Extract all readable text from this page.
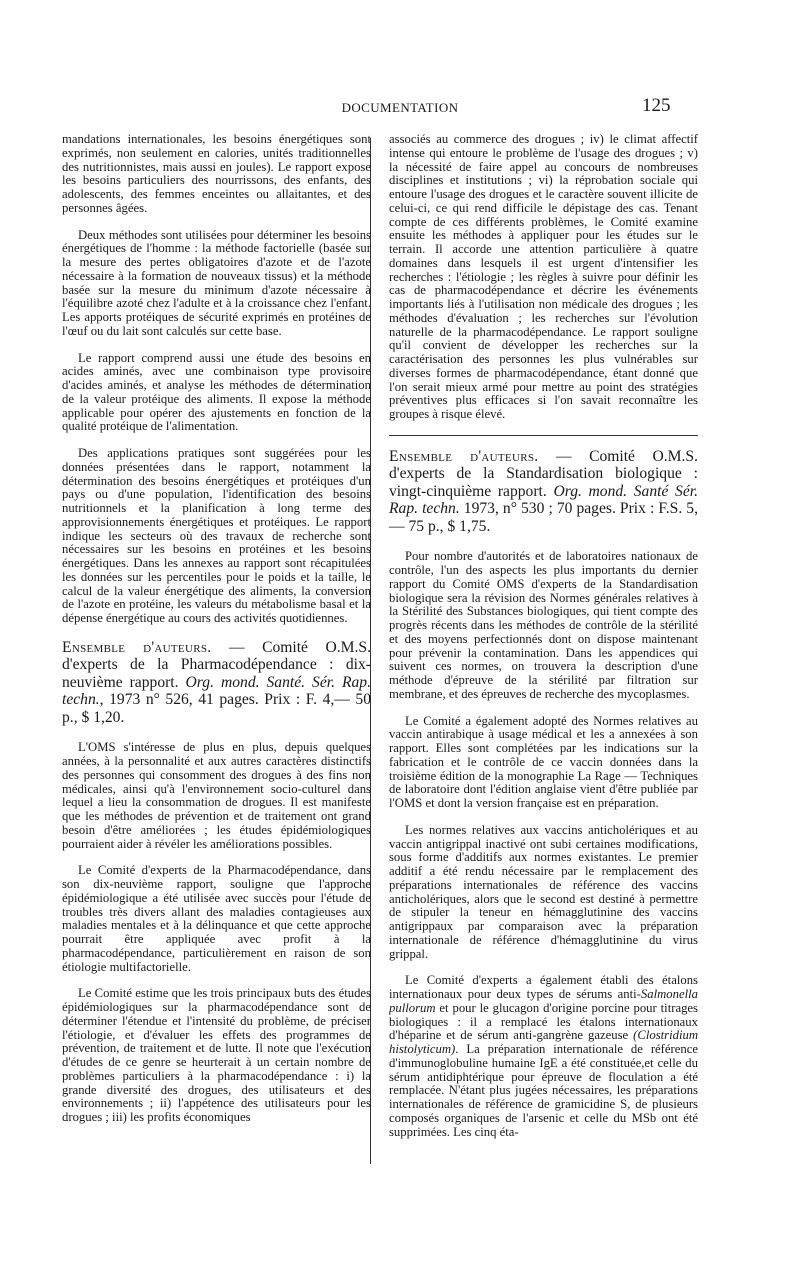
DOCUMENTATION	125

mandations internationales, les besoins énergétiques sont exprimés, non seulement en calories, unités traditionnelles des nutritionnistes, mais aussi en joules). Le rapport expose les besoins particuliers des nourrissons, des enfants, des adolescents, des femmes enceintes ou allaitantes, et des personnes âgées.

Deux méthodes sont utilisées pour déterminer les besoins énergétiques de l'homme : la méthode factorielle (basée sur la mesure des pertes obligatoires d'azote et de l'azote nécessaire à la formation de nouveaux tissus) et la méthode basée sur la mesure du minimum d'azote nécessaire à l'équilibre azoté chez l'adulte et à la croissance chez l'enfant. Les apports protéiques de sécurité exprimés en protéines de l'œuf ou du lait sont calculés sur cette base.

Le rapport comprend aussi une étude des besoins en acides aminés, avec une combinaison type provisoire d'acides aminés, et analyse les méthodes de détermination de la valeur protéique des aliments. Il expose la méthode applicable pour opérer des ajustements en fonction de la qualité protéique de l'alimentation.

Des applications pratiques sont suggérées pour les données présentées dans le rapport, notamment la détermination des besoins énergétiques et protéiques d'un pays ou d'une population, l'identification des besoins nutritionnels et la planification à long terme des approvisionnements énergétiques et protéiques. Le rapport indique les secteurs où des travaux de recherche sont nécessaires sur les besoins en protéines et les besoins énergétiques. Dans les annexes au rapport sont récapitulées les données sur les percentiles pour le poids et la taille, le calcul de la valeur énergétique des aliments, la conversion de l'azote en protéine, les valeurs du métabolisme basal et la dépense énergétique au cours des activités quotidiennes.

Ensemble d'auteurs. — Comité O.M.S. d'experts de la Pharmacodépendance : dix-neuvième rapport. Org. mond. Santé. Sér. Rap. techn., 1973 n° 526, 41 pages. Prix : F. 4,— 50 p., $ 1,20.

L'OMS s'intéresse de plus en plus, depuis quelques années, à la personnalité et aux autres caractères distinctifs des personnes qui consomment des drogues à des fins non médicales, ainsi qu'à l'environnement socio-culturel dans lequel a lieu la consommation de drogues. Il est manifeste que les méthodes de prévention et de traitement ont grand besoin d'être améliorées ; les études épidémiologiques pourraient aider à révéler les améliorations possibles.

Le Comité d'experts de la Pharmacodépendance, dans son dix-neuvième rapport, souligne que l'approche épidémiologique a été utilisée avec succès pour l'étude de troubles très divers allant des maladies contagieuses aux maladies mentales et à la délinquance et que cette approche pourrait être appliquée avec profit à la pharmacodépendance, particulièrement en raison de son étiologie multifactorielle.

Le Comité estime que les trois principaux buts des études épidémiologiques sur la pharmacodépendance sont de déterminer l'étendue et l'intensité du problème, de préciser l'étiologie, et d'évaluer les effets des programmes de prévention, de traitement et de lutte. Il note que l'exécution d'études de ce genre se heurterait à un certain nombre de problèmes particuliers à la pharmacodépendance : i) la grande diversité des drogues, des utilisateurs et des environnements ; ii) l'appétence des utilisateurs pour les drogues ; iii) les profits économiques

associés au commerce des drogues ; iv) le climat affectif intense qui entoure le problème de l'usage des drogues ; v) la nécessité de faire appel au concours de nombreuses disciplines et institutions ; vi) la réprobation sociale qui entoure l'usage des drogues et le caractère souvent illicite de celui-ci, ce qui rend difficile le dépistage des cas. Tenant compte de ces différents problèmes, le Comité examine ensuite les méthodes à appliquer pour les études sur le terrain. Il accorde une attention particulière à quatre domaines dans lesquels il est urgent d'intensifier les recherches : l'étiologie ; les règles à suivre pour définir les cas de pharmacodépendance et décrire les événements importants liés à l'utilisation non médicale des drogues ; les méthodes d'évaluation ; les recherches sur l'évolution naturelle de la pharmacodépendance. Le rapport souligne qu'il convient de développer les recherches sur la caractérisation des personnes les plus vulnérables sur diverses formes de pharmacodépendance, étant donné que l'on serait mieux armé pour mettre au point des stratégies préventives plus efficaces si l'on savait reconnaître les groupes à risque élevé.

Ensemble d'auteurs. — Comité O.M.S. d'experts de la Standardisation biologique : vingt-cinquième rapport. Org. mond. Santé Sér. Rap. techn. 1973, n° 530 ; 70 pages. Prix : F.S. 5,— 75 p., $ 1,75.

Pour nombre d'autorités et de laboratoires nationaux de contrôle, l'un des aspects les plus importants du dernier rapport du Comité OMS d'experts de la Standardisation biologique sera la révision des Normes générales relatives à la Stérilité des Substances biologiques, qui tient compte des progrès récents dans les méthodes de contrôle de la stérilité et des moyens perfectionnés dont on dispose maintenant pour prévenir la contamination. Dans les appendices qui suivent ces normes, on trouvera la description d'une méthode d'épreuve de la stérilité par filtration sur membrane, et des épreuves de recherche des mycoplasmes.

Le Comité a également adopté des Normes relatives au vaccin antirabique à usage médical et les a annexées à son rapport. Elles sont complétées par les indications sur la fabrication et le contrôle de ce vaccin données dans la troisième édition de la monographie La Rage — Techniques de laboratoire dont l'édition anglaise vient d'être publiée par l'OMS et dont la version française est en préparation.

Les normes relatives aux vaccins anticholériques et au vaccin antigrippal inactivé ont subi certaines modifications, sous forme d'additifs aux normes existantes. Le premier additif a été rendu nécessaire par le remplacement des préparations internationales de référence des vaccins anticholériques, alors que le second est destiné à permettre de stipuler la teneur en hémagglutinine des vaccins antigrippaux par comparaison avec la préparation internationale de référence d'hémagglutinine du virus grippal.

Le Comité d'experts a également établi des étalons internationaux pour deux types de sérums anti-Salmonella pullorum et pour le glucagon d'origine porcine pour titrages biologiques : il a remplacé les étalons internationaux d'héparine et de sérum anti-gangrène gazeuse (Clostridium histolyticum). La préparation internationale de référence d'immunoglobuline humaine IgE a été constituée,et celle du sérum antidiphtérique pour épreuve de floculation a été remplacée. N'étant plus jugées nécessaires, les préparations internationales de référence de gramicidine S, de plusieurs composés organiques de l'arsenic et celle du MSb ont été supprimées. Les cinq éta-
